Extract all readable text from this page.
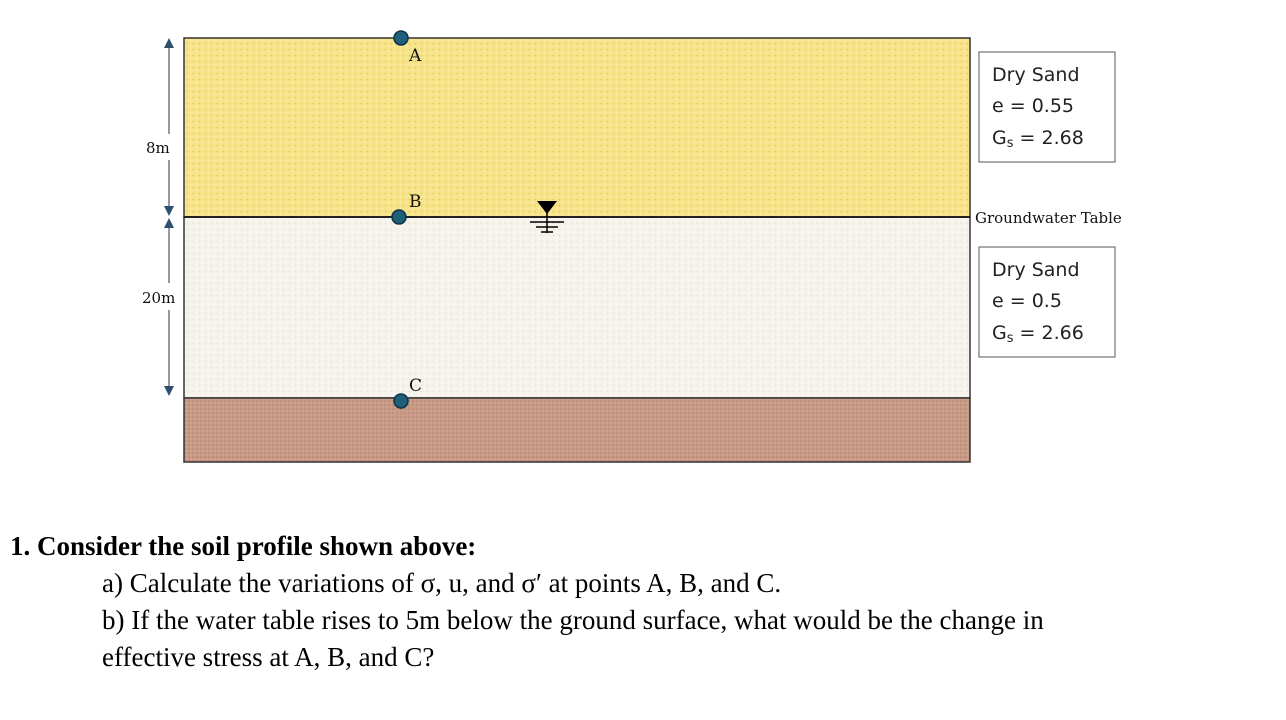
8m
20m
A
B
C
Dry Sand
e = 0.55
Gs = 2.68
Groundwater Table
Dry Sand
e = 0.5
Gs = 2.66
1. Consider the soil profile shown above:
a) Calculate the variations of σ, u, and σ′ at points A, B, and C.
b) If the water table rises to 5m below the ground surface, what would be the change in
effective stress at A, B, and C?
